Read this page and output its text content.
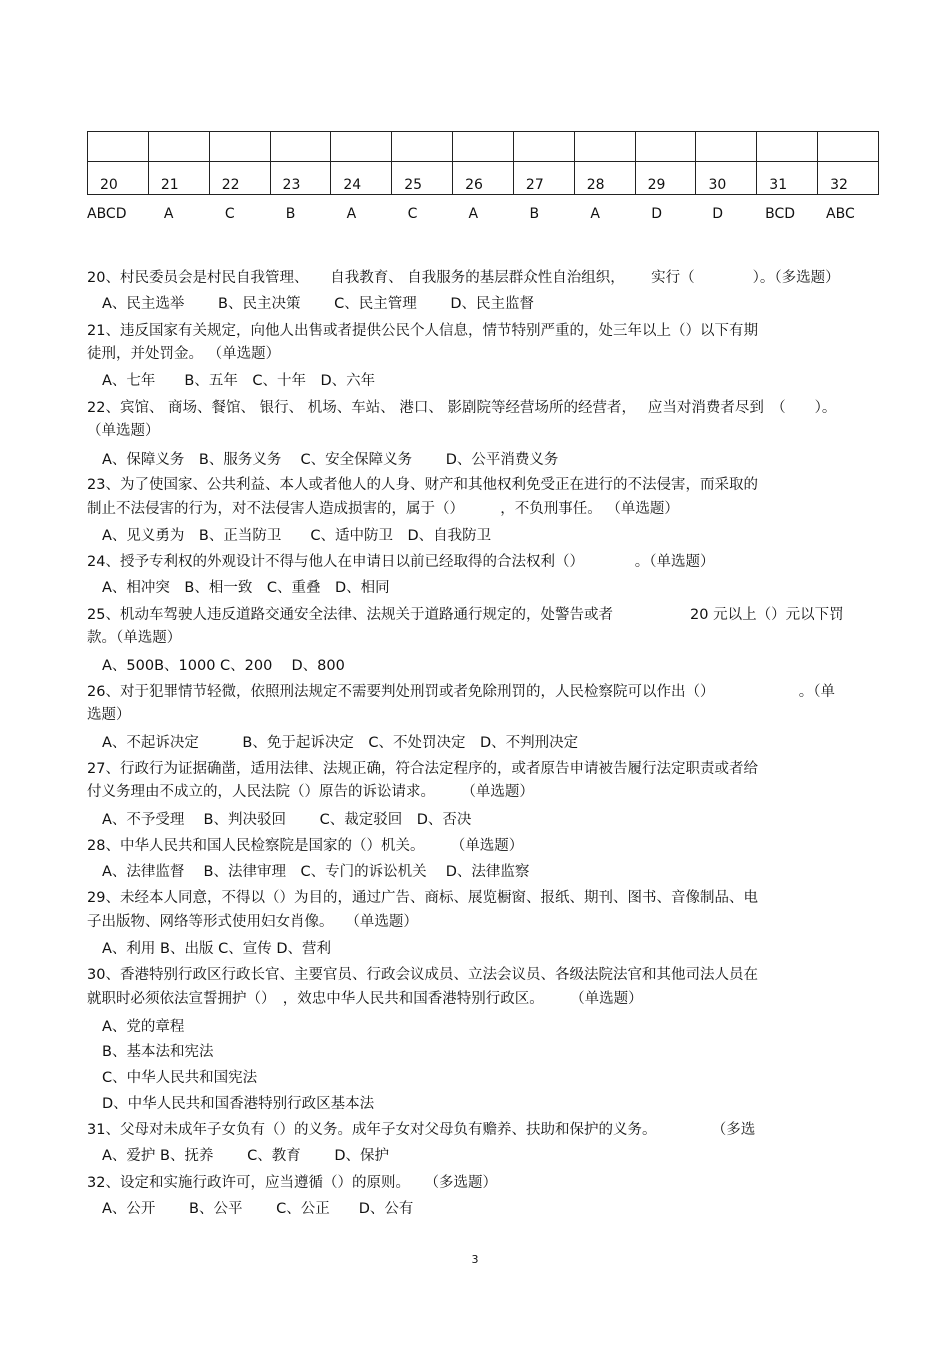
20	21	22	23	24	25	26	27	28	29	30	31	32
ABCD	A	C	B	A	C	A	B	A	D	D	BCD	ABC
20、村民委员会是村民自我管理、　　自我教育、 自我服务的基层群众性自治组织，　　 实行（　　　　）。（多选题）
A、民主选举　　 B、民主决策　　 C、民主管理　　 D、民主监督
21、违反国家有关规定，向他人出售或者提供公民个人信息，情节特别严重的，处三年以上（）以下有期
徒刑，并处罚金。 （单选题）
A、七年　　B、五年　C、十年　D、六年
22、宾馆、 商场、餐馆、 银行、 机场、车站、 港口、 影剧院等经营场所的经营者，　 应当对消费者尽到　（　　）。
（单选题）
A、保障义务　B、服务义务　 C、安全保障义务　　 D、公平消费义务
23、为了使国家、公共利益、本人或者他人的人身、财产和其他权利免受正在进行的不法侵害，而采取的
制止不法侵害的行为，对不法侵害人造成损害的，属于（）　　　，不负刑事任。 （单选题）
A、见义勇为　B、正当防卫　　C、适中防卫　D、自我防卫
24、授予专利权的外观设计不得与他人在申请日以前已经取得的合法权利（）　　　　。（单选题）
A、相冲突　B、相一致　C、重叠　D、相同
25、机动车驾驶人违反道路交通安全法律、法规关于道路通行规定的，处警告或者　　　　　 20 元以上（）元以下罚
款。（单选题）
A、500B、1000 C、200　 D、800
26、对于犯罪情节轻微，依照刑法规定不需要判处刑罚或者免除刑罚的，人民检察院可以作出（）　　　　　　 。（单
选题）
A、不起诉决定　　　B、免于起诉决定　C、不处罚决定　D、不判刑决定
27、行政行为证据确凿，适用法律、法规正确，符合法定程序的，或者原告申请被告履行法定职责或者给
付义务理由不成立的，人民法院（）原告的诉讼请求。　　 （单选题）
A、不予受理　 B、判决驳回　　 C、裁定驳回　D、否决
28、中华人民共和国人民检察院是国家的（）机关。　　 （单选题）
A、法律监督　 B、法律审理　C、专门的诉讼机关　 D、法律监察
29、未经本人同意，不得以（）为目的，通过广告、商标、展览橱窗、报纸、期刊、图书、音像制品、电
子出版物、网络等形式使用妇女肖像。　 （单选题）
A、利用 B、出版 C、宣传 D、营利
30、香港特别行政区行政长官、主要官员、行政会议成员、立法会议员、各级法院法官和其他司法人员在
就职时必须依法宣誓拥护（）　，效忠中华人民共和国香港特别行政区。　　 （单选题）
A、党的章程
B、基本法和宪法
C、中华人民共和国宪法
D、中华人民共和国香港特别行政区基本法
31、父母对未成年子女负有（）的义务。成年子女对父母负有赡养、扶助和保护的义务。　　　　 （多选
A、爱护 B、抚养　　 C、教育　　 D、保护
32、设定和实施行政许可，应当遵循（）的原则。　　（多选题）
A、公开　　 B、公平　　 C、公正　　D、公有
3
